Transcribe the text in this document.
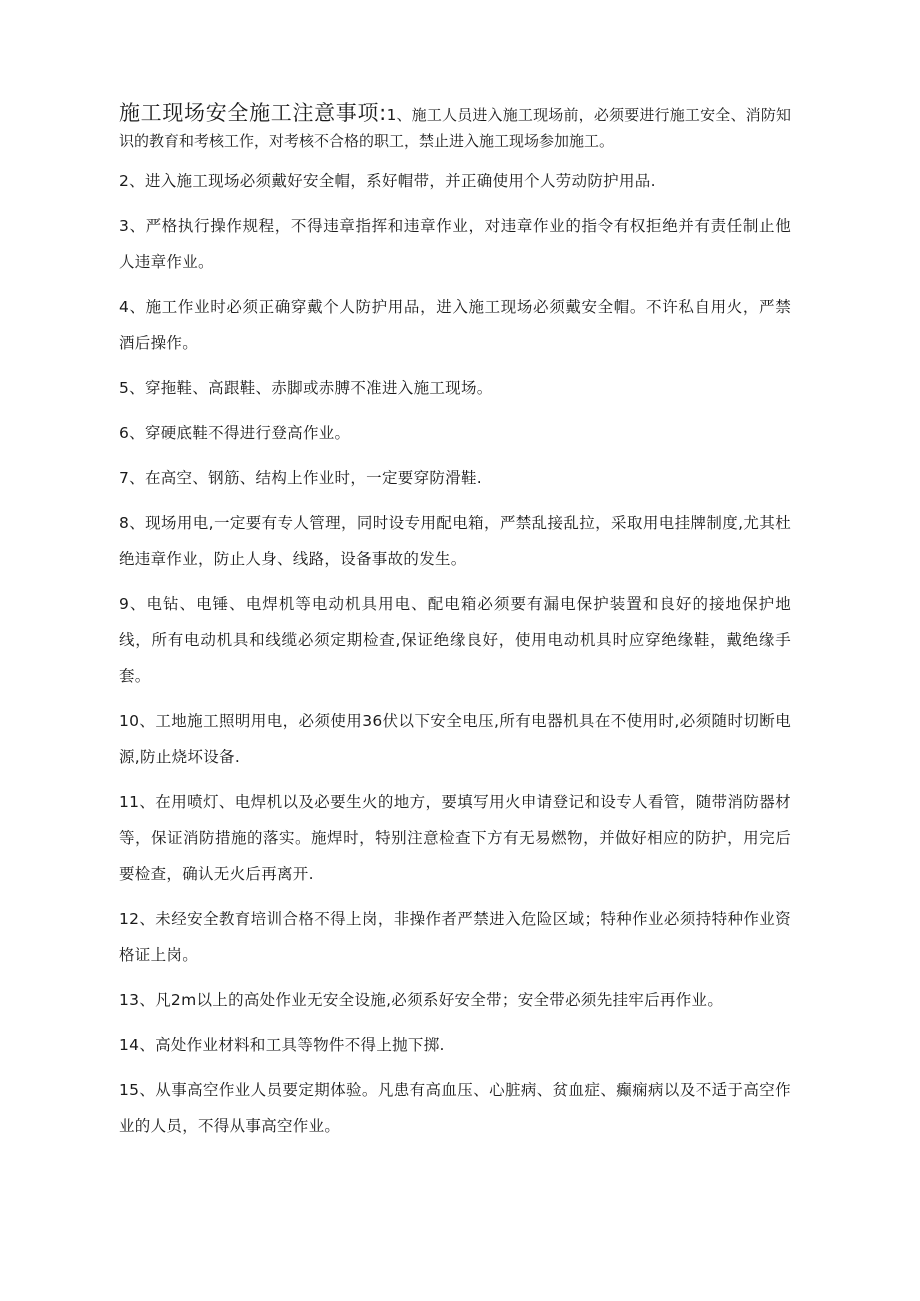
施工现场安全施工注意事项:1、施工人员进入施工现场前，必须要进行施工安全、消防知识的教育和考核工作，对考核不合格的职工，禁止进入施工现场参加施工。

2、进入施工现场必须戴好安全帽，系好帽带，并正确使用个人劳动防护用品.

3、严格执行操作规程，不得违章指挥和违章作业，对违章作业的指令有权拒绝并有责任制止他人违章作业。

4、施工作业时必须正确穿戴个人防护用品，进入施工现场必须戴安全帽。不许私自用火，严禁酒后操作。

5、穿拖鞋、高跟鞋、赤脚或赤膊不准进入施工现场。

6、穿硬底鞋不得进行登高作业。

7、在高空、钢筋、结构上作业时，一定要穿防滑鞋.

8、现场用电,一定要有专人管理，同时设专用配电箱，严禁乱接乱拉，采取用电挂牌制度,尤其杜绝违章作业，防止人身、线路，设备事故的发生。

9、电钻、电锤、电焊机等电动机具用电、配电箱必须要有漏电保护装置和良好的接地保护地线，所有电动机具和线缆必须定期检查,保证绝缘良好，使用电动机具时应穿绝缘鞋，戴绝缘手套。

10、工地施工照明用电，必须使用36伏以下安全电压,所有电器机具在不使用时,必须随时切断电源,防止烧坏设备.

11、在用喷灯、电焊机以及必要生火的地方，要填写用火申请登记和设专人看管，随带消防器材等，保证消防措施的落实。施焊时，特别注意检查下方有无易燃物，并做好相应的防护，用完后要检查，确认无火后再离开.

12、未经安全教育培训合格不得上岗，非操作者严禁进入危险区域；特种作业必须持特种作业资格证上岗。

13、凡2m以上的高处作业无安全设施,必须系好安全带；安全带必须先挂牢后再作业。

14、高处作业材料和工具等物件不得上抛下掷.

15、从事高空作业人员要定期体验。凡患有高血压、心脏病、贫血症、癫痫病以及不适于高空作业的人员，不得从事高空作业。
